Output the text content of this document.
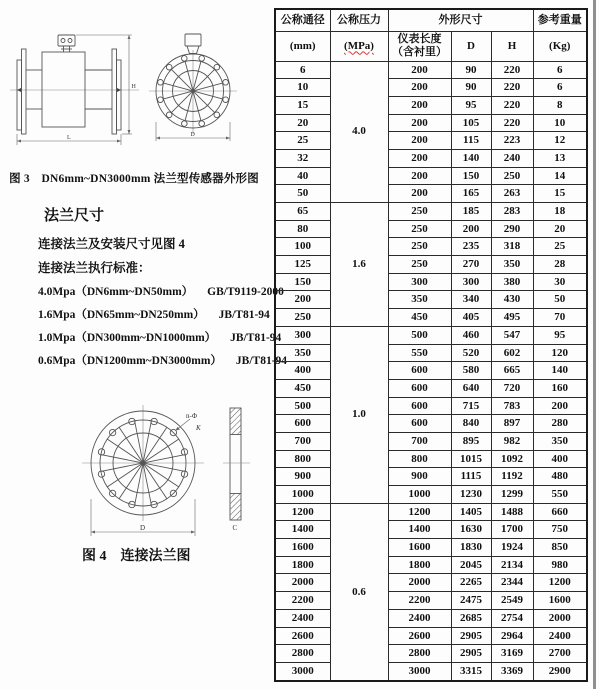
H
L	D
图 3　DN6mm~DN3000mm 法兰型传感器外形图
法兰尺寸
连接法兰及安装尺寸见图 4
连接法兰执行标准：
4.0Mpa（DN6mm~DN50mm） GB/T9119-2000
1.6Mpa（DN65mm~DN250mm） JB/T81-94
1.0Mpa（DN300mm~DN1000mm） JB/T81-94
0.6Mpa（DN1200mm~DN3000mm） JB/T81-94
n-Φ
K
D	C
图 4　连接法兰图
公称通径	公称压力	外形尺寸			参考重量
(mm)	(MPa)	仪表长度
（含衬里）	D	H	(Kg)
6	4.0	200	90	220	6
10		200	90	220	6
15		200	95	220	8
20		200	105	220	10
25		200	115	223	12
32		200	140	240	13
40		200	150	250	14
50		200	165	263	15
65	1.6	250	185	283	18
80		250	200	290	20
100		250	235	318	25
125		250	270	350	28
150		300	300	380	30
200		350	340	430	50
250		450	405	495	70
300	1.0	500	460	547	95
350		550	520	602	120
400		600	580	665	140
450		600	640	720	160
500		600	715	783	200
600		600	840	897	280
700		700	895	982	350
800		800	1015	1092	400
900		900	1115	1192	480
1000		1000	1230	1299	550
1200	0.6	1200	1405	1488	660
1400		1400	1630	1700	750
1600		1600	1830	1924	850
1800		1800	2045	2134	980
2000		2000	2265	2344	1200
2200		2200	2475	2549	1600
2400		2400	2685	2754	2000
2600		2600	2905	2964	2400
2800		2800	2905	3169	2700
3000		3000	3315	3369	2900
